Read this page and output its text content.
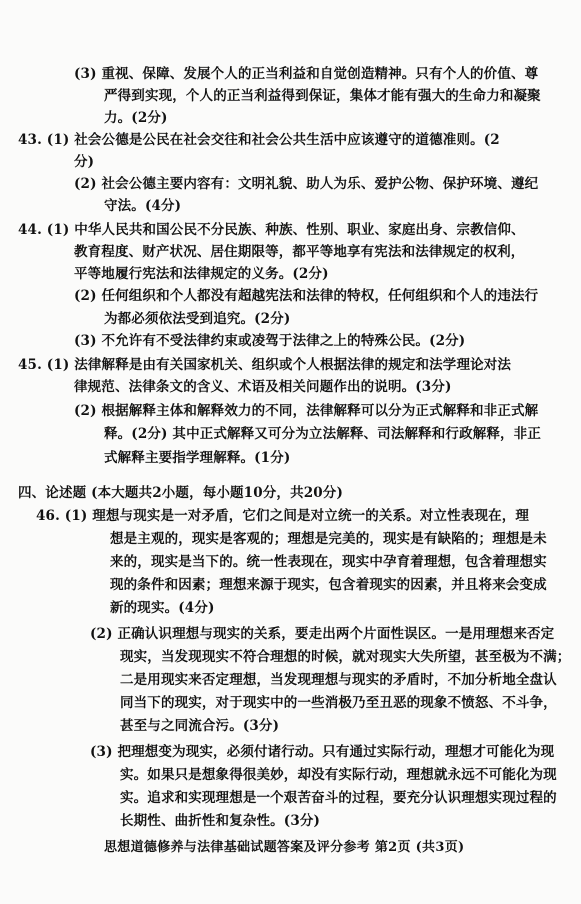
(3) 重视、保障、发展个人的正当利益和自觉创造精神。只有个人的价值、尊
严得到实现，个人的正当利益得到保证，集体才能有强大的生命力和凝聚
力。(2分)
43. (1) 社会公德是公民在社会交往和社会公共生活中应该遵守的道德准则。(2
分)
(2) 社会公德主要内容有：文明礼貌、助人为乐、爱护公物、保护环境、遵纪
守法。(4分)
44. (1) 中华人民共和国公民不分民族、种族、性别、职业、家庭出身、宗教信仰、
教育程度、财产状况、居住期限等，都平等地享有宪法和法律规定的权利，
平等地履行宪法和法律规定的义务。(2分)
(2) 任何组织和个人都没有超越宪法和法律的特权，任何组织和个人的违法行
为都必须依法受到追究。(2分)
(3) 不允许有不受法律约束或凌驾于法律之上的特殊公民。(2分)
45. (1) 法律解释是由有关国家机关、组织或个人根据法律的规定和法学理论对法
律规范、法律条文的含义、术语及相关问题作出的说明。(3分)
(2) 根据解释主体和解释效力的不同，法律解释可以分为正式解释和非正式解
释。(2分) 其中正式解释又可分为立法解释、司法解释和行政解释，非正
式解释主要指学理解释。(1分)
四、论述题 (本大题共2小题，每小题10分，共20分)
46. (1) 理想与现实是一对矛盾，它们之间是对立统一的关系。对立性表现在，理
想是主观的，现实是客观的；理想是完美的，现实是有缺陷的；理想是未
来的，现实是当下的。统一性表现在，现实中孕育着理想，包含着理想实
现的条件和因素；理想来源于现实，包含着现实的因素，并且将来会变成
新的现实。(4分)
(2) 正确认识理想与现实的关系，要走出两个片面性误区。一是用理想来否定
现实，当发现现实不符合理想的时候，就对现实大失所望，甚至极为不满；
二是用现实来否定理想，当发现理想与现实的矛盾时，不加分析地全盘认
同当下的现实，对于现实中的一些消极乃至丑恶的现象不愤怒、不斗争，
甚至与之同流合污。(3分)
(3) 把理想变为现实，必须付诸行动。只有通过实际行动，理想才可能化为现
实。如果只是想象得很美妙，却没有实际行动，理想就永远不可能化为现
实。追求和实现理想是一个艰苦奋斗的过程，要充分认识理想实现过程的
长期性、曲折性和复杂性。(3分)
思想道德修养与法律基础试题答案及评分参考 第2页 (共3页)
